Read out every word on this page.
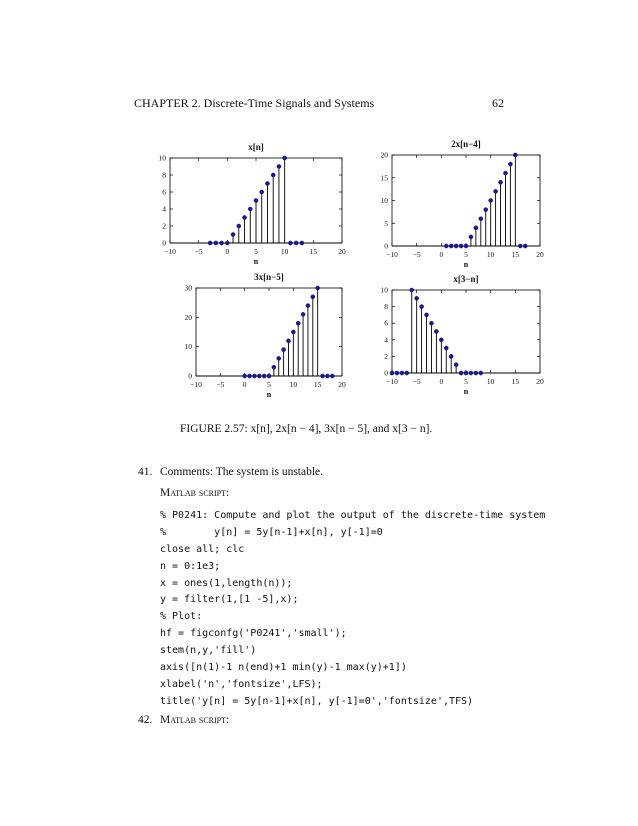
CHAPTER 2. Discrete-Time Signals and Systems	62
−10	−5	0	5	10	15	20
0
2
4
6
8
10
x[n]
n
−10 −5	0	5	10 15 20
0
5
10
15
20
2x[n−4]
n
−10 −5 0	5 10 15 20
0
10
20
30
3x[n−5]
n
−10 −5	0	5	10 15 20
0
2
4
6
8
10
x[3−n]
n
FIGURE 2.57: x[n], 2x[n − 4], 3x[n − 5], and x[3 − n].
41. Comments: The system is unstable.
Matlab script:
% P0241: Compute and plot the output of the discrete-time system
%        y[n] = 5y[n-1]+x[n], y[-1]=0
close all; clc
n = 0:1e3;
x = ones(1,length(n));
y = filter(1,[1 -5],x);
% Plot:
hf = figconfg('P0241','small');
stem(n,y,'fill')
axis([n(1)-1 n(end)+1 min(y)-1 max(y)+1])
xlabel('n','fontsize',LFS);
title('y[n] = 5y[n-1]+x[n], y[-1]=0','fontsize',TFS)
42. Matlab script:
